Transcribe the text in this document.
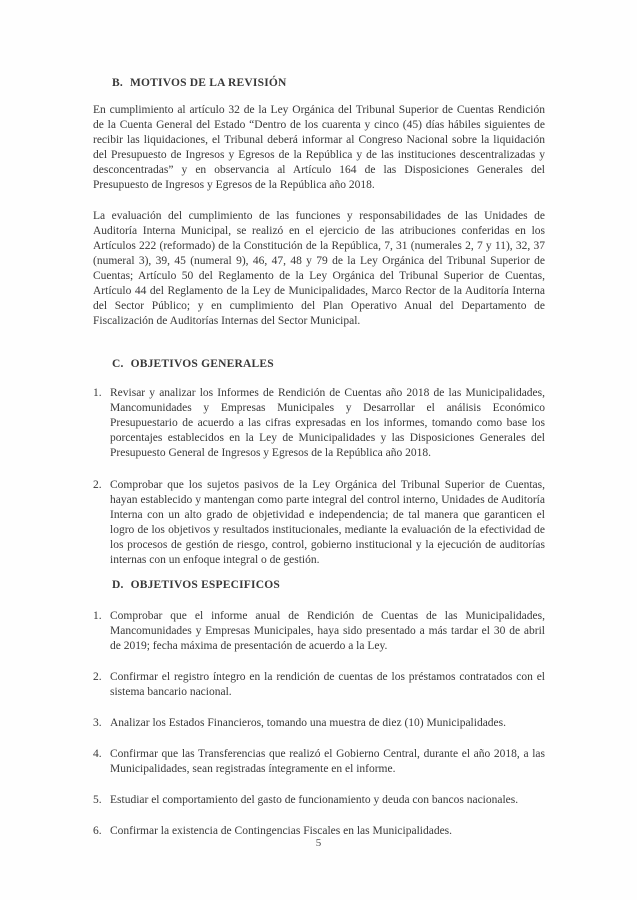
B. MOTIVOS DE LA REVISIÓN

En cumplimiento al artículo 32 de la Ley Orgánica del Tribunal Superior de Cuentas Rendición de la Cuenta General del Estado “Dentro de los cuarenta y cinco (45) días hábiles siguientes de recibir las liquidaciones, el Tribunal deberá informar al Congreso Nacional sobre la liquidación del Presupuesto de Ingresos y Egresos de la República y de las instituciones descentralizadas y desconcentradas” y en observancia al Artículo 164 de las Disposiciones Generales del Presupuesto de Ingresos y Egresos de la República año 2018.

La evaluación del cumplimiento de las funciones y responsabilidades de las Unidades de Auditoría Interna Municipal, se realizó en el ejercicio de las atribuciones conferidas en los Artículos 222 (reformado) de la Constitución de la República, 7, 31 (numerales 2, 7 y 11), 32, 37 (numeral 3), 39, 45 (numeral 9), 46, 47, 48 y 79 de la Ley Orgánica del Tribunal Superior de Cuentas; Artículo 50 del Reglamento de la Ley Orgánica del Tribunal Superior de Cuentas, Artículo 44 del Reglamento de la Ley de Municipalidades, Marco Rector de la Auditoría Interna del Sector Público; y en cumplimiento del Plan Operativo Anual del Departamento de Fiscalización de Auditorías Internas del Sector Municipal.

C. OBJETIVOS GENERALES
1. Revisar y analizar los Informes de Rendición de Cuentas año 2018 de las Municipalidades, Mancomunidades y Empresas Municipales y Desarrollar el análisis Económico Presupuestario de acuerdo a las cifras expresadas en los informes, tomando como base los porcentajes establecidos en la Ley de Municipalidades y las Disposiciones Generales del Presupuesto General de Ingresos y Egresos de la República año 2018.
2. Comprobar que los sujetos pasivos de la Ley Orgánica del Tribunal Superior de Cuentas, hayan establecido y mantengan como parte integral del control interno, Unidades de Auditoría Interna con un alto grado de objetividad e independencia; de tal manera que garanticen el logro de los objetivos y resultados institucionales, mediante la evaluación de la efectividad de los procesos de gestión de riesgo, control, gobierno institucional y la ejecución de auditorías internas con un enfoque integral o de gestión.
D. OBJETIVOS ESPECIFICOS
1. Comprobar que el informe anual de Rendición de Cuentas de las Municipalidades, Mancomunidades y Empresas Municipales, haya sido presentado a más tardar el 30 de abril de 2019; fecha máxima de presentación de acuerdo a la Ley.
2. Confirmar el registro íntegro en la rendición de cuentas de los préstamos contratados con el sistema bancario nacional.
3. Analizar los Estados Financieros, tomando una muestra de diez (10) Municipalidades.
4. Confirmar que las Transferencias que realizó el Gobierno Central, durante el año 2018, a las Municipalidades, sean registradas íntegramente en el informe.
5. Estudiar el comportamiento del gasto de funcionamiento y deuda con bancos nacionales.
6. Confirmar la existencia de Contingencias Fiscales en las Municipalidades.
5
